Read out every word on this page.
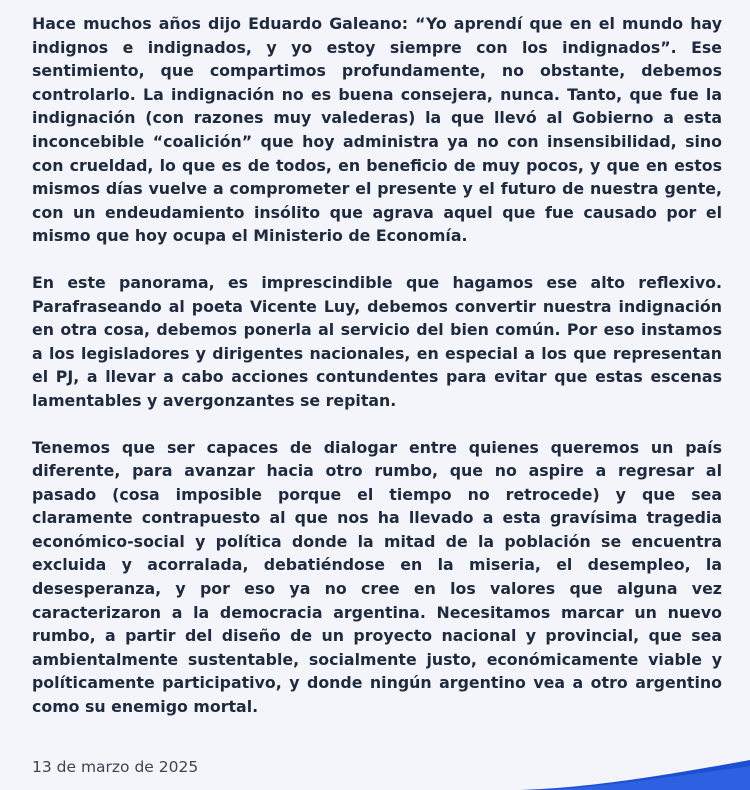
Hace muchos años dijo Eduardo Galeano: “Yo aprendí que en el mundo hay indignos e indignados, y yo estoy siempre con los indignados”. Ese sentimiento, que compartimos profundamente, no obstante, debemos controlarlo. La indignación no es buena consejera, nunca. Tanto, que fue la indignación (con razones muy valederas) la que llevó al Gobierno a esta inconcebible “coalición” que hoy administra ya no con insensibilidad, sino con crueldad, lo que es de todos, en beneficio de muy pocos, y que en estos mismos días vuelve a comprometer el presente y el futuro de nuestra gente, con un endeudamiento insólito que agrava aquel que fue causado por el mismo que hoy ocupa el Ministerio de Economía.

En este panorama, es imprescindible que hagamos ese alto reflexivo. Parafraseando al poeta Vicente Luy, debemos convertir nuestra indignación en otra cosa, debemos ponerla al servicio del bien común. Por eso instamos a los legisladores y dirigentes nacionales, en especial a los que representan el PJ, a llevar a cabo acciones contundentes para evitar que estas escenas lamentables y avergonzantes se repitan.

Tenemos que ser capaces de dialogar entre quienes queremos un país diferente, para avanzar hacia otro rumbo, que no aspire a regresar al pasado (cosa imposible porque el tiempo no retrocede) y que sea claramente contrapuesto al que nos ha llevado a esta gravísima tragedia económico-social y política donde la mitad de la población se encuentra excluida y acorralada, debatiéndose en la miseria, el desempleo, la desesperanza, y por eso ya no cree en los valores que alguna vez caracterizaron a la democracia argentina. Necesitamos marcar un nuevo rumbo, a partir del diseño de un proyecto nacional y provincial, que sea ambientalmente sustentable, socialmente justo, económicamente viable y políticamente participativo, y donde ningún argentino vea a otro argentino como su enemigo mortal.

13 de marzo de 2025
